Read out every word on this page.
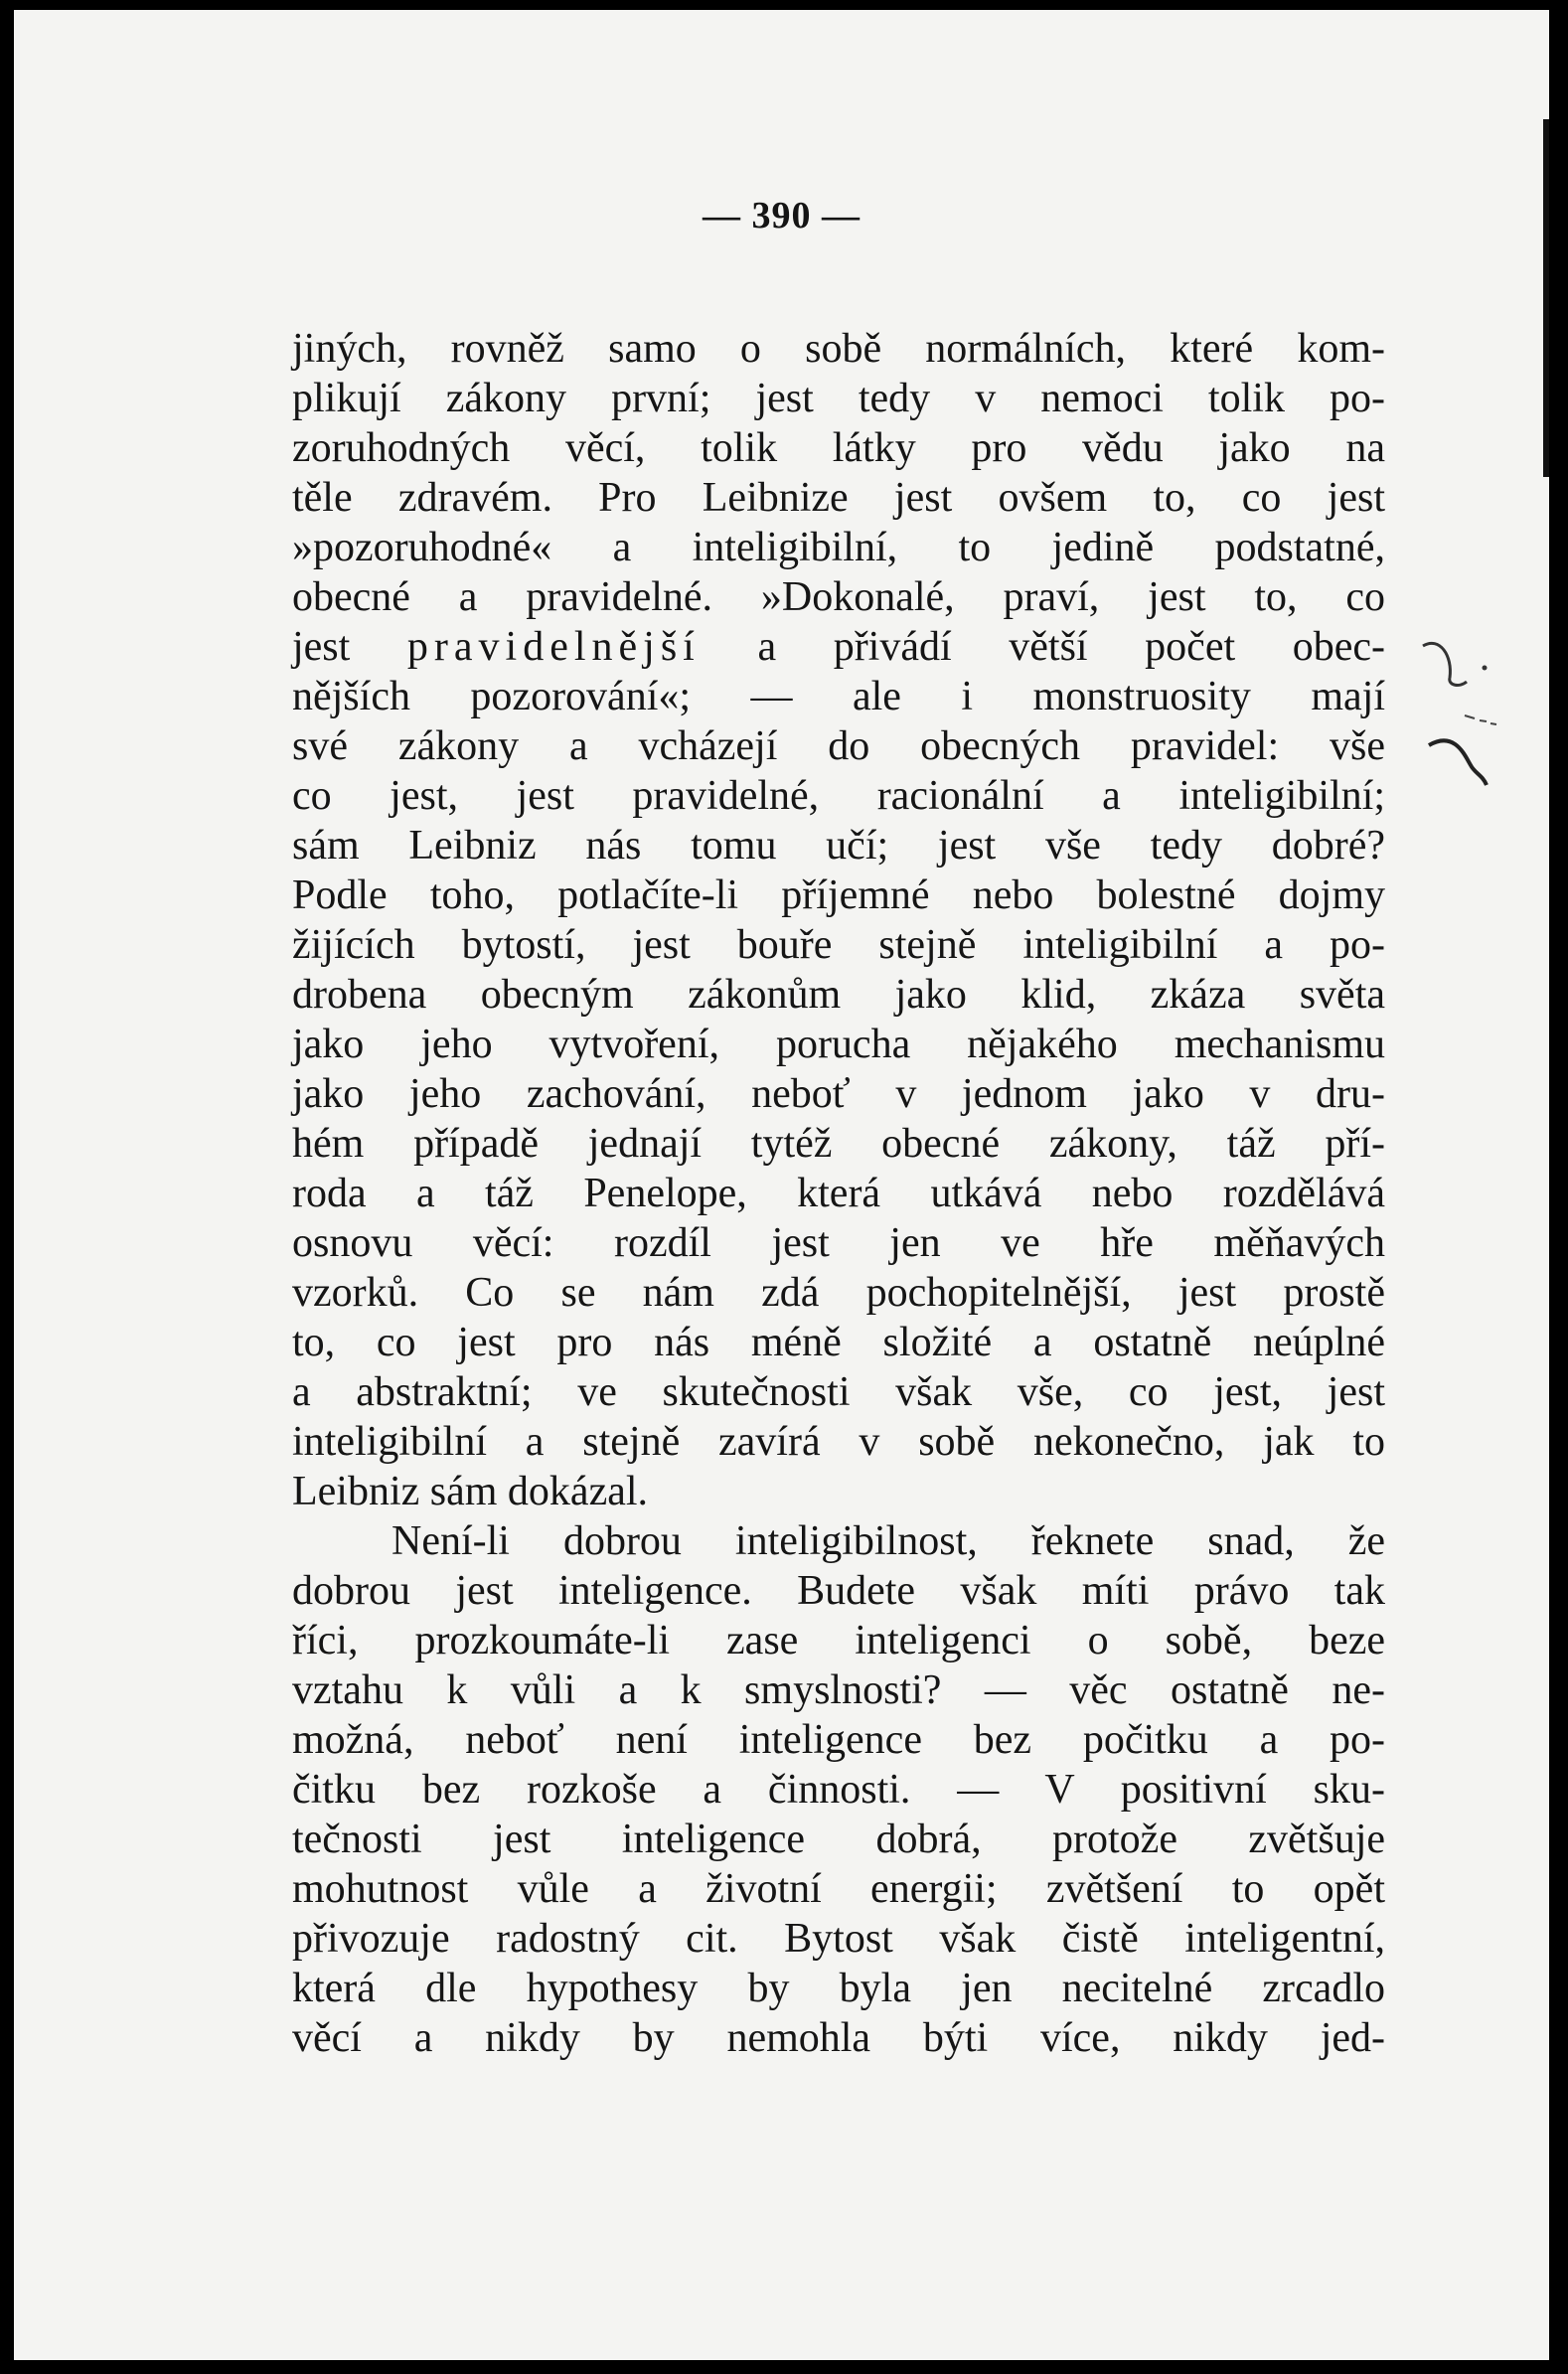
— 390 —
jiných, rovněž samo o sobě normálních, které kom-
plikují zákony první; jest tedy v nemoci tolik po-
zoruhodných věcí, tolik látky pro vědu jako na
těle zdravém. Pro Leibnize jest ovšem to, co jest
»pozoruhodné« a inteligibilní, to jedině podstatné,
obecné a pravidelné. »Dokonalé, praví, jest to, co
jest pravidelnější a přivádí větší počet obec-
nějších pozorování«; — ale i monstruosity mají
své zákony a vcházejí do obecných pravidel: vše
co jest, jest pravidelné, racionální a inteligibilní;
sám Leibniz nás tomu učí; jest vše tedy dobré?
Podle toho, potlačíte-li příjemné nebo bolestné dojmy
žijících bytostí, jest bouře stejně inteligibilní a po-
drobena obecným zákonům jako klid, zkáza světa
jako jeho vytvoření, porucha nějakého mechanismu
jako jeho zachování, neboť v jednom jako v dru-
hém případě jednají tytéž obecné zákony, táž pří-
roda a táž Penelope, která utkává nebo rozdělává
osnovu věcí: rozdíl jest jen ve hře měňavých
vzorků. Co se nám zdá pochopitelnější, jest prostě
to, co jest pro nás méně složité a ostatně neúplné
a abstraktní; ve skutečnosti však vše, co jest, jest
inteligibilní a stejně zavírá v sobě nekonečno, jak to
Leibniz sám dokázal.
Není-li dobrou inteligibilnost, řeknete snad, že
dobrou jest inteligence. Budete však míti právo tak
říci, prozkoumáte-li zase inteligenci o sobě, beze
vztahu k vůli a k smyslnosti? — věc ostatně ne-
možná, neboť není inteligence bez počitku a po-
čitku bez rozkoše a činnosti. — V positivní sku-
tečnosti jest inteligence dobrá, protože zvětšuje
mohutnost vůle a životní energii; zvětšení to opět
přivozuje radostný cit. Bytost však čistě inteligentní,
která dle hypothesy by byla jen necitelné zrcadlo
věcí a nikdy by nemohla býti více, nikdy jed-
